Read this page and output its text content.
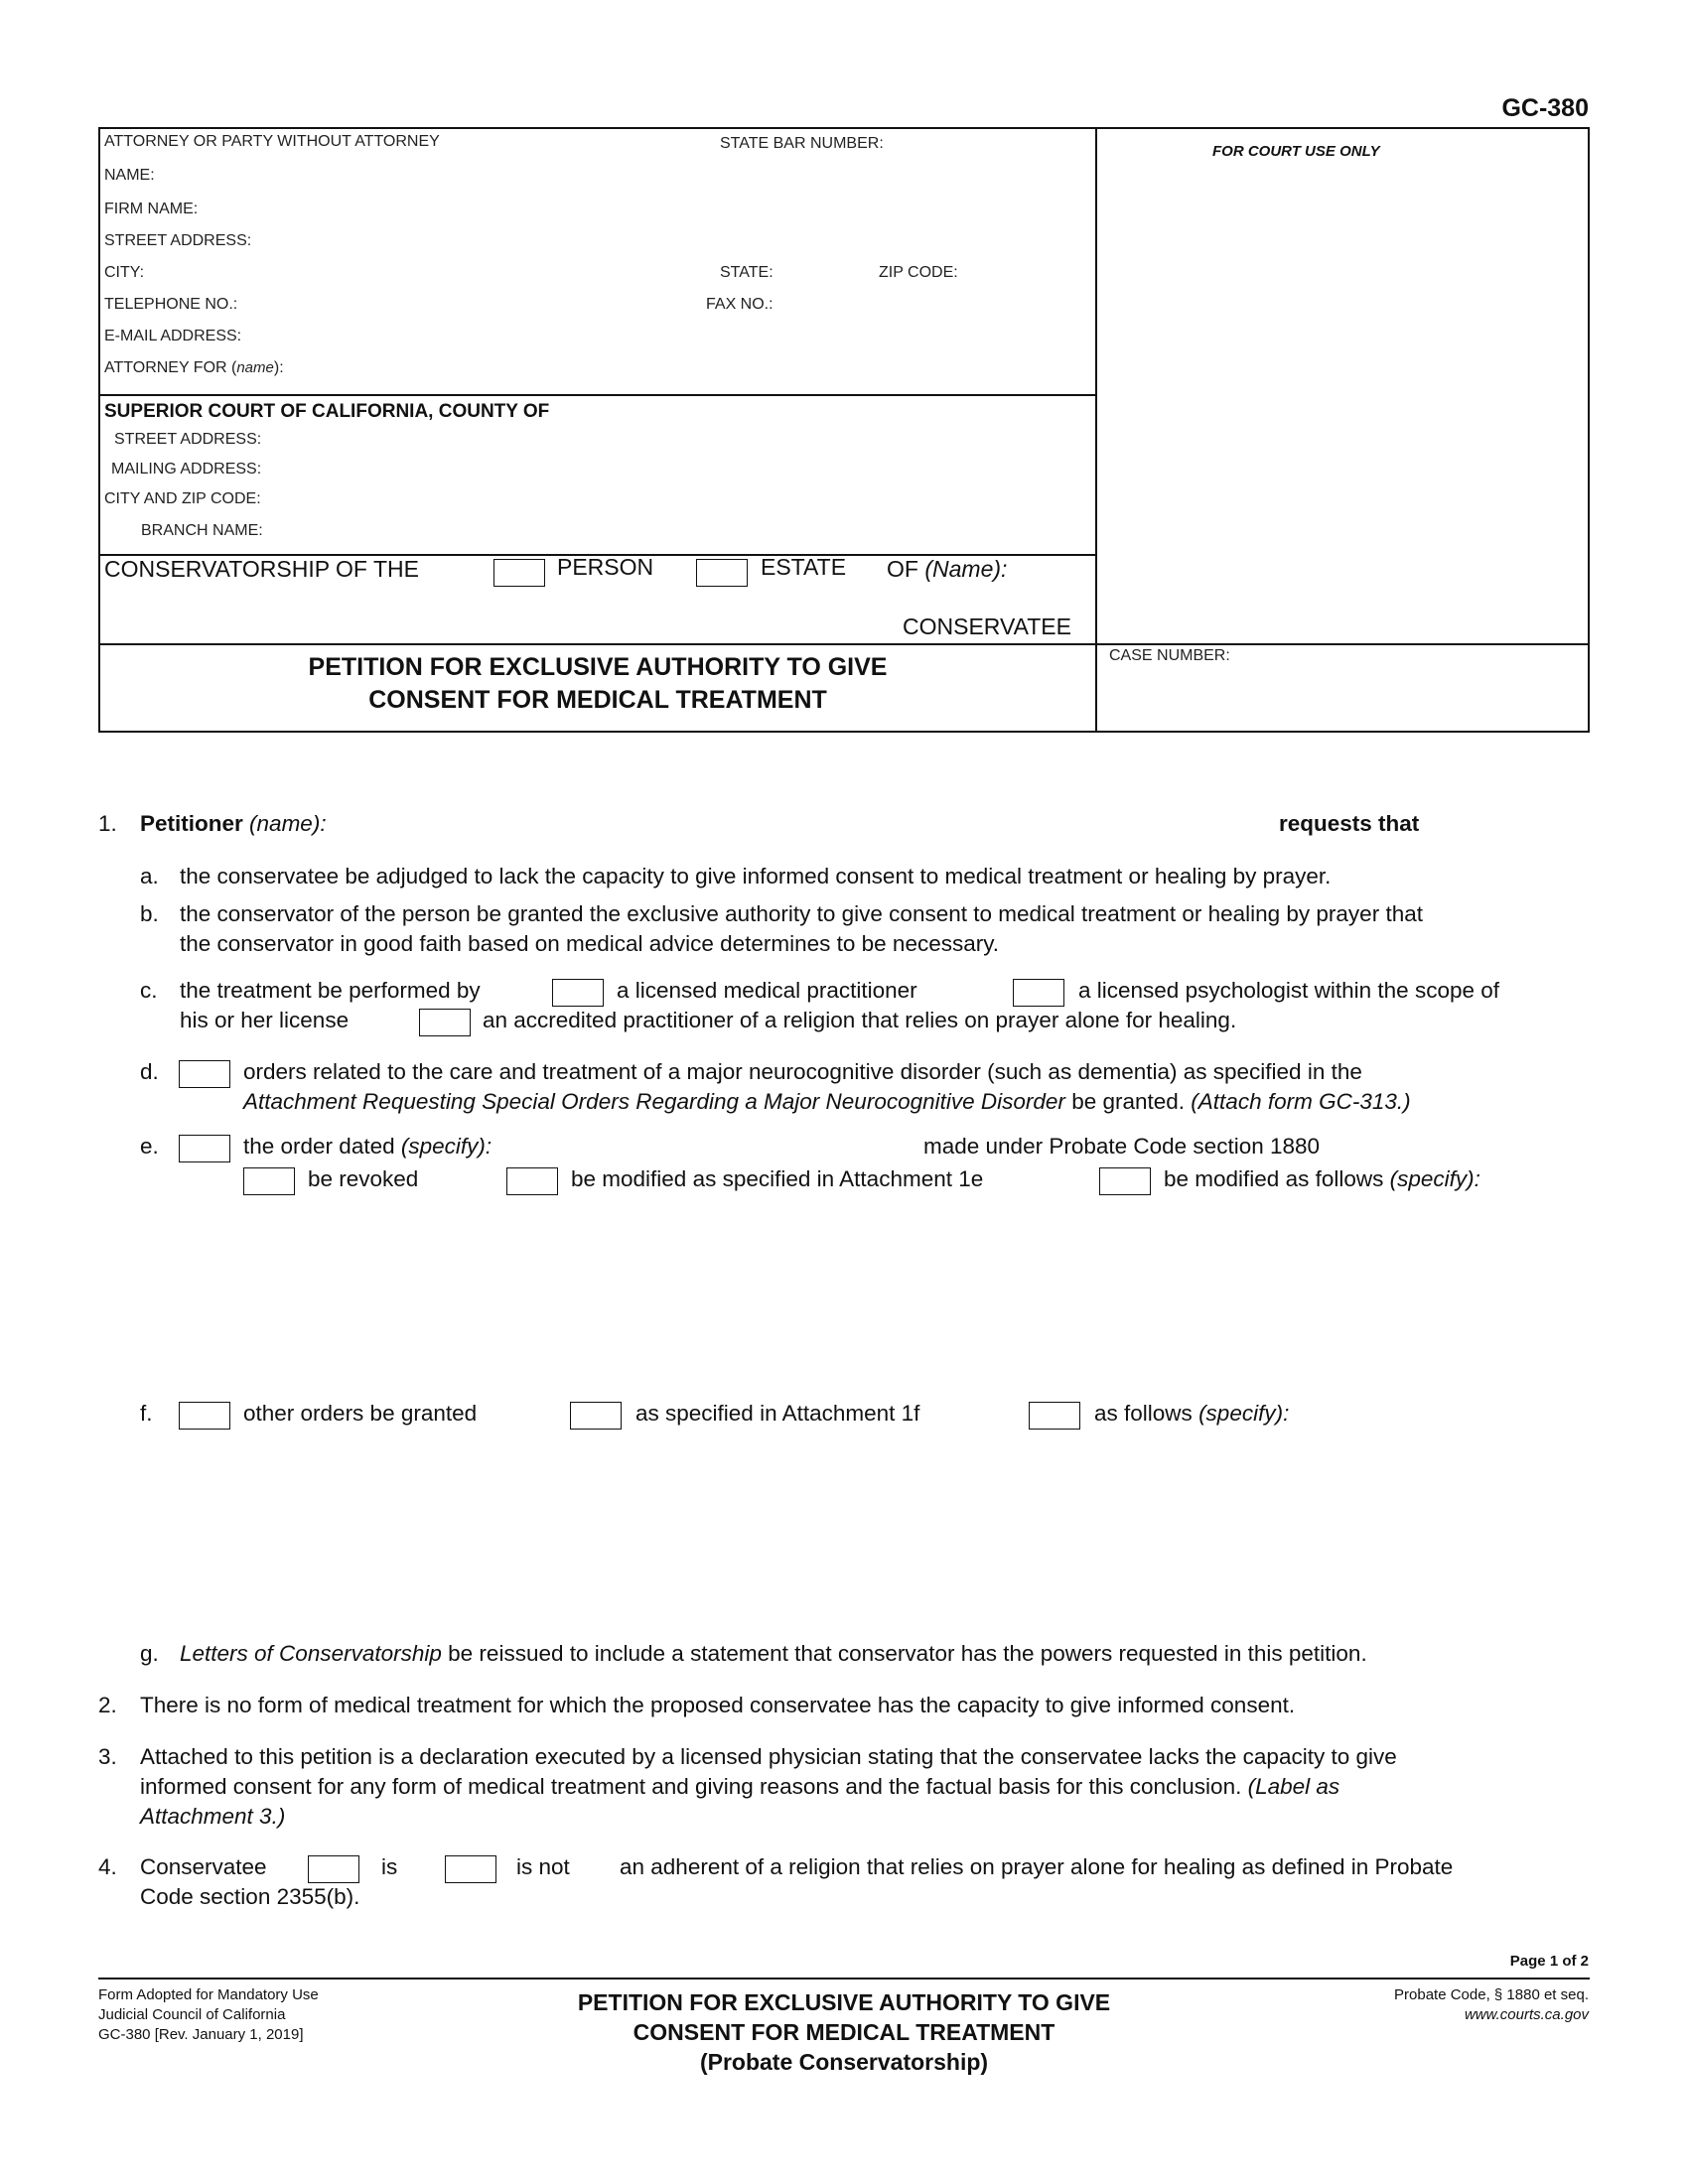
GC-380
ATTORNEY OR PARTY WITHOUT ATTORNEY	STATE BAR NUMBER:
NAME:
FIRM NAME:
STREET ADDRESS:
CITY:	STATE:	ZIP CODE:
TELEPHONE NO.:	FAX NO.:
E-MAIL ADDRESS:
ATTORNEY FOR (name):
FOR COURT USE ONLY
SUPERIOR COURT OF CALIFORNIA, COUNTY OF
STREET ADDRESS:
MAILING ADDRESS:
CITY AND ZIP CODE:
BRANCH NAME:
CONSERVATORSHIP OF THE	PERSON	ESTATE OF (Name):
CONSERVATEE
CASE NUMBER:
PETITION FOR EXCLUSIVE AUTHORITY TO GIVE
CONSENT FOR MEDICAL TREATMENT
1. Petitioner (name):	requests that
a. the conservatee be adjudged to lack the capacity to give informed consent to medical treatment or healing by prayer.
b. the conservator of the person be granted the exclusive authority to give consent to medical treatment or healing by prayer that
the conservator in good faith based on medical advice determines to be necessary.
c. the treatment be performed by	a licensed medical practitioner	a licensed psychologist within the scope of
his or her license	an accredited practitioner of a religion that relies on prayer alone for healing.
d.	orders related to the care and treatment of a major neurocognitive disorder (such as dementia) as specified in the
Attachment Requesting Special Orders Regarding a Major Neurocognitive Disorder be granted. (Attach form GC-313.)
e.	the order dated (specify):	made under Probate Code section 1880
be revoked	be modified as specified in Attachment 1e	be modified as follows (specify):
f.	other orders be granted	as specified in Attachment 1f	as follows (specify):
g. Letters of Conservatorship be reissued to include a statement that conservator has the powers requested in this petition.
2. There is no form of medical treatment for which the proposed conservatee has the capacity to give informed consent.
3. Attached to this petition is a declaration executed by a licensed physician stating that the conservatee lacks the capacity to give
informed consent for any form of medical treatment and giving reasons and the factual basis for this conclusion. (Label as
Attachment 3.)
4. Conservatee	is	is not an adherent of a religion that relies on prayer alone for healing as defined in Probate
Code section 2355(b).
Page 1 of 2
Form Adopted for Mandatory Use
Judicial Council of California
GC-380 [Rev. January 1, 2019]
PETITION FOR EXCLUSIVE AUTHORITY TO GIVE
CONSENT FOR MEDICAL TREATMENT
(Probate Conservatorship)
Probate Code, § 1880 et seq.
www.courts.ca.gov
